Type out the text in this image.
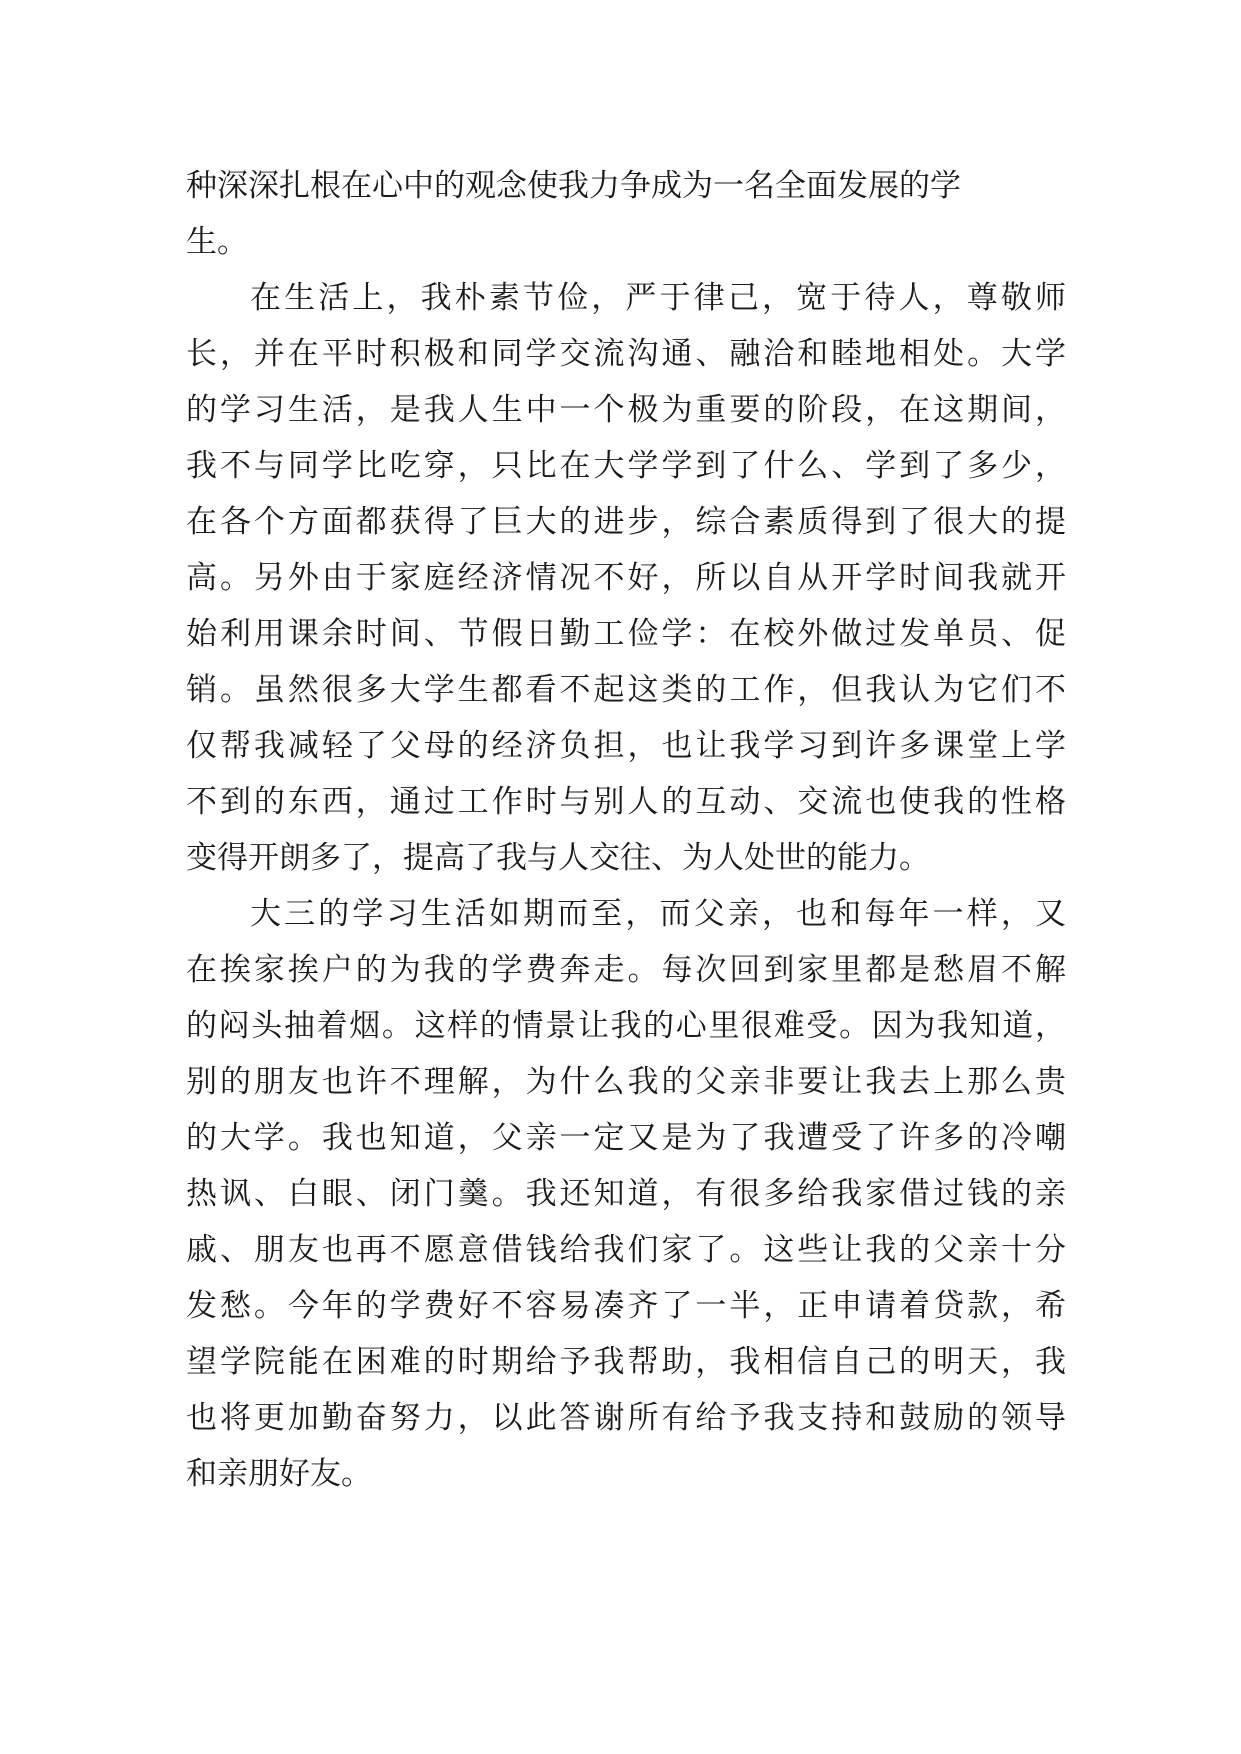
种深深扎根在心中的观念使我力争成为一名全面发展的学
生。
在生活上，我朴素节俭，严于律己，宽于待人，尊敬师
长，并在平时积极和同学交流沟通、融洽和睦地相处。大学
的学习生活，是我人生中一个极为重要的阶段，在这期间，
我不与同学比吃穿，只比在大学学到了什么、学到了多少，
在各个方面都获得了巨大的进步，综合素质得到了很大的提
高。另外由于家庭经济情况不好，所以自从开学时间我就开
始利用课余时间、节假日勤工俭学：在校外做过发单员、促
销。虽然很多大学生都看不起这类的工作，但我认为它们不
仅帮我减轻了父母的经济负担，也让我学习到许多课堂上学
不到的东西，通过工作时与别人的互动、交流也使我的性格
变得开朗多了，提高了我与人交往、为人处世的能力。
大三的学习生活如期而至，而父亲，也和每年一样，又
在挨家挨户的为我的学费奔走。每次回到家里都是愁眉不解
的闷头抽着烟。这样的情景让我的心里很难受。因为我知道，
别的朋友也许不理解，为什么我的父亲非要让我去上那么贵
的大学。我也知道，父亲一定又是为了我遭受了许多的冷嘲
热讽、白眼、闭门羹。我还知道，有很多给我家借过钱的亲
戚、朋友也再不愿意借钱给我们家了。这些让我的父亲十分
发愁。今年的学费好不容易凑齐了一半，正申请着贷款，希
望学院能在困难的时期给予我帮助，我相信自己的明天，我
也将更加勤奋努力，以此答谢所有给予我支持和鼓励的领导
和亲朋好友。
